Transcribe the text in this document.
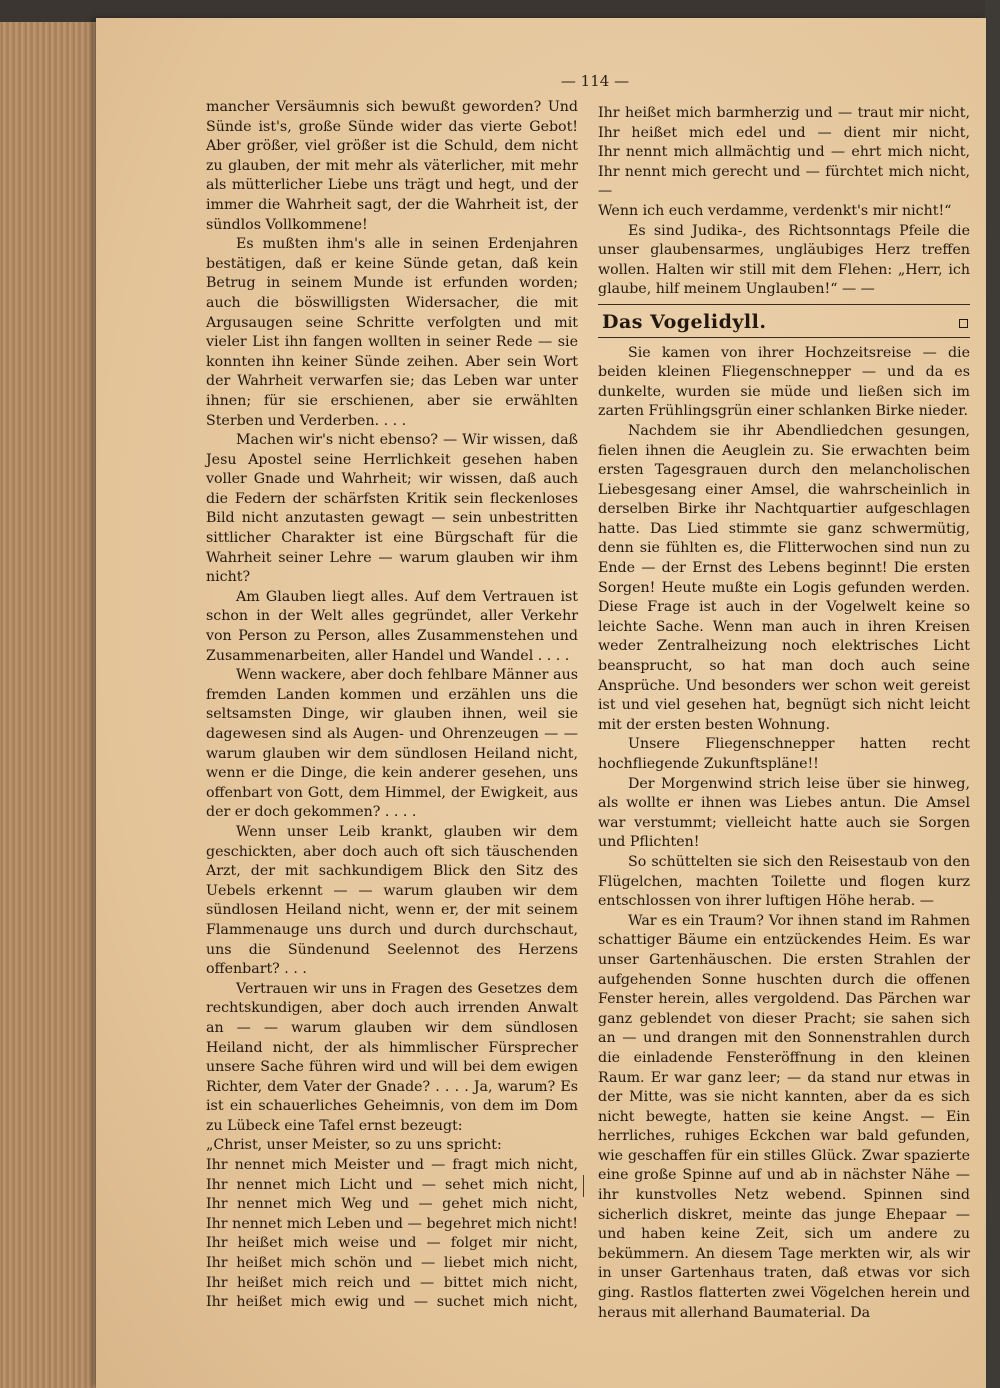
— 114 —

mancher Versäumnis sich bewußt geworden? Und Sünde ist's, große Sünde wider das vierte Gebot! Aber größer, viel größer ist die Schuld, dem nicht zu glauben, der mit mehr als väterlicher, mit mehr als mütterlicher Liebe uns trägt und hegt, und der immer die Wahrheit sagt, der die Wahrheit ist, der sündlos Vollkommene!

Es mußten ihm's alle in seinen Erdenjahren bestätigen, daß er keine Sünde getan, daß kein Betrug in seinem Munde ist erfunden worden; auch die böswilligsten Widersacher, die mit Argusaugen seine Schritte verfolgten und mit vieler List ihn fangen wollten in seiner Rede — sie konnten ihn keiner Sünde zeihen. Aber sein Wort der Wahrheit verwarfen sie; das Leben war unter ihnen; für sie erschienen, aber sie erwählten Sterben und Verderben. . . .

Machen wir's nicht ebenso? — Wir wissen, daß Jesu Apostel seine Herrlichkeit gesehen haben voller Gnade und Wahrheit; wir wissen, daß auch die Federn der schärfsten Kritik sein fleckenloses Bild nicht anzutasten gewagt — sein unbestritten sittlicher Charakter ist eine Bürgschaft für die Wahrheit seiner Lehre — warum glauben wir ihm nicht?

Am Glauben liegt alles. Auf dem Vertrauen ist schon in der Welt alles gegründet, aller Verkehr von Person zu Person, alles Zusammenstehen und Zusammenarbeiten, aller Handel und Wandel . . . .

Wenn wackere, aber doch fehlbare Männer aus fremden Landen kommen und erzählen uns die seltsamsten Dinge, wir glauben ihnen, weil sie dagewesen sind als Augen- und Ohrenzeugen — — warum glauben wir dem sündlosen Heiland nicht, wenn er die Dinge, die kein anderer gesehen, uns offenbart von Gott, dem Himmel, der Ewigkeit, aus der er doch gekommen? . . . .

Wenn unser Leib krankt, glauben wir dem geschickten, aber doch auch oft sich täuschenden Arzt, der mit sachkundigem Blick den Sitz des Uebels erkennt — — warum glauben wir dem sündlosen Heiland nicht, wenn er, der mit seinem Flammenauge uns durch und durch durchschaut, uns die Sündenund Seelennot des Herzens offenbart? . . .

Vertrauen wir uns in Fragen des Gesetzes dem rechtskundigen, aber doch auch irrenden Anwalt an — — warum glauben wir dem sündlosen Heiland nicht, der als himmlischer Fürsprecher unsere Sache führen wird und will bei dem ewigen Richter, dem Vater der Gnade? . . . . Ja, warum? Es ist ein schauerliches Geheimnis, von dem im Dom zu Lübeck eine Tafel ernst bezeugt:

„Christ, unser Meister, so zu uns spricht:

Ihr nennet mich Meister und — fragt mich nicht,
Ihr nennet mich Licht und — sehet mich nicht,
Ihr nennet mich Weg und — gehet mich nicht,
Ihr nennet mich Leben und — begehret mich nicht!
Ihr heißet mich weise und — folget mir nicht,
Ihr heißet mich schön und — liebet mich nicht,
Ihr heißet mich reich und — bittet mich nicht,
Ihr heißet mich ewig und — suchet mich nicht,
Ihr heißet mich barmherzig und — traut mir nicht,
Ihr heißet mich edel und — dient mir nicht,
Ihr nennt mich allmächtig und — ehrt mich nicht,
Ihr nennt mich gerecht und — fürchtet mich nicht, —
Wenn ich euch verdamme, verdenkt's mir nicht!“

Es sind Judika-, des Richtsonntags Pfeile die unser glaubensarmes, ungläubiges Herz treffen wollen. Halten wir still mit dem Flehen: „Herr, ich glaube, hilf meinem Unglauben!“ — —

Das Vogelidyll.

Sie kamen von ihrer Hochzeitsreise — die beiden kleinen Fliegenschnepper — und da es dunkelte, wurden sie müde und ließen sich im zarten Frühlingsgrün einer schlanken Birke nieder.

Nachdem sie ihr Abendliedchen gesungen, fielen ihnen die Aeuglein zu. Sie erwachten beim ersten Tagesgrauen durch den melancholischen Liebesgesang einer Amsel, die wahrscheinlich in derselben Birke ihr Nachtquartier aufgeschlagen hatte. Das Lied stimmte sie ganz schwermütig, denn sie fühlten es, die Flitterwochen sind nun zu Ende — der Ernst des Lebens beginnt! Die ersten Sorgen! Heute mußte ein Logis gefunden werden. Diese Frage ist auch in der Vogelwelt keine so leichte Sache. Wenn man auch in ihren Kreisen weder Zentralheizung noch elektrisches Licht beansprucht, so hat man doch auch seine Ansprüche. Und besonders wer schon weit gereist ist und viel gesehen hat, begnügt sich nicht leicht mit der ersten besten Wohnung.

Unsere Fliegenschnepper hatten recht hochfliegende Zukunftspläne!!

Der Morgenwind strich leise über sie hinweg, als wollte er ihnen was Liebes antun. Die Amsel war verstummt; vielleicht hatte auch sie Sorgen und Pflichten!

So schüttelten sie sich den Reisestaub von den Flügelchen, machten Toilette und flogen kurz entschlossen von ihrer luftigen Höhe herab. —

War es ein Traum? Vor ihnen stand im Rahmen schattiger Bäume ein entzückendes Heim. Es war unser Gartenhäuschen. Die ersten Strahlen der aufgehenden Sonne huschten durch die offenen Fenster herein, alles vergoldend. Das Pärchen war ganz geblendet von dieser Pracht; sie sahen sich an — und drangen mit den Sonnenstrahlen durch die einladende Fensteröffnung in den kleinen Raum. Er war ganz leer; — da stand nur etwas in der Mitte, was sie nicht kannten, aber da es sich nicht bewegte, hatten sie keine Angst. — Ein herrliches, ruhiges Eckchen war bald gefunden, wie geschaffen für ein stilles Glück. Zwar spazierte eine große Spinne auf und ab in nächster Nähe — ihr kunstvolles Netz webend. Spinnen sind sicherlich diskret, meinte das junge Ehepaar — und haben keine Zeit, sich um andere zu bekümmern. An diesem Tage merkten wir, als wir in unser Gartenhaus traten, daß etwas vor sich ging. Rastlos flatterten zwei Vögelchen herein und heraus mit allerhand Baumaterial. Da
